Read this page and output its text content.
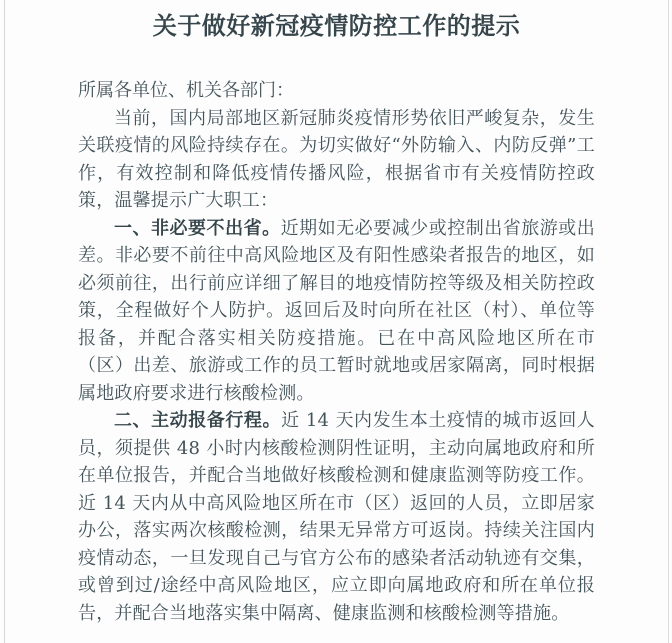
关于做好新冠疫情防控工作的提示

所属各单位、机关各部门：

当前，国内局部地区新冠肺炎疫情形势依旧严峻复杂，发生关联疫情的风险持续存在。为切实做好“外防输入、内防反弹”工作，有效控制和降低疫情传播风险，根据省市有关疫情防控政策，温馨提示广大职工：

一、非必要不出省。近期如无必要减少或控制出省旅游或出差。非必要不前往中高风险地区及有阳性感染者报告的地区，如必须前往，出行前应详细了解目的地疫情防控等级及相关防控政策，全程做好个人防护。返回后及时向所在社区（村）、单位等报备，并配合落实相关防疫措施。已在中高风险地区所在市（区）出差、旅游或工作的员工暂时就地或居家隔离，同时根据属地政府要求进行核酸检测。

二、主动报备行程。近 14 天内发生本土疫情的城市返回人员，须提供 48 小时内核酸检测阴性证明，主动向属地政府和所在单位报告，并配合当地做好核酸检测和健康监测等防疫工作。近 14 天内从中高风险地区所在市（区）返回的人员，立即居家办公，落实两次核酸检测，结果无异常方可返岗。持续关注国内疫情动态，一旦发现自己与官方公布的感染者活动轨迹有交集，或曾到过/途经中高风险地区，应立即向属地政府和所在单位报告，并配合当地落实集中隔离、健康监测和核酸检测等措施。
